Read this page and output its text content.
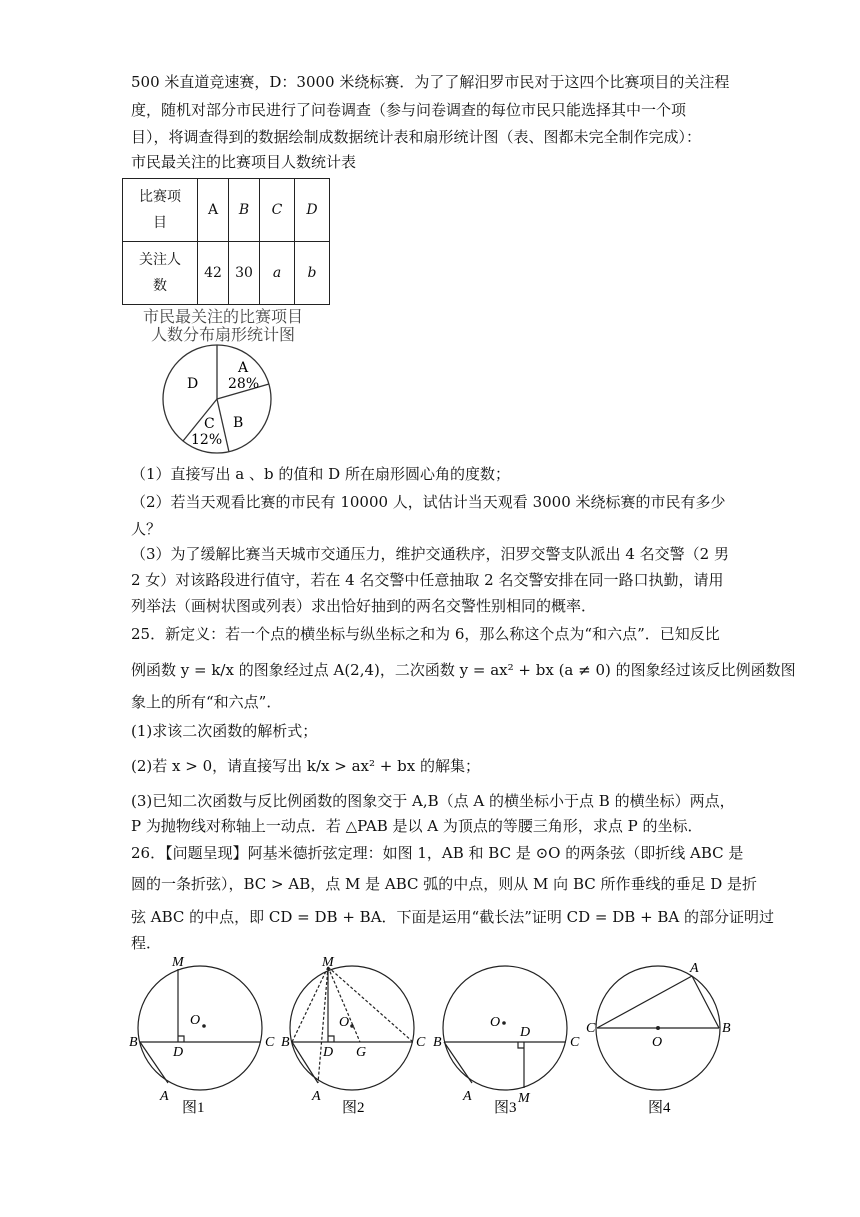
500 米直道竞速赛，D：3000 米绕标赛．为了了解汨罗市民对于这四个比赛项目的关注程
度，随机对部分市民进行了问卷调查（参与问卷调查的每位市民只能选择其中一个项
目），将调查得到的数据绘制成数据统计表和扇形统计图（表、图都未完全制作完成）：
市民最关注的比赛项目人数统计表
比赛项目	A	B	C	D
关注人数	42	30	a	b
市民最关注的比赛项目
人数分布扇形统计图
D
A
28%
B
C
12%
（1）直接写出 a 、b 的值和 D 所在扇形圆心角的度数；
（2）若当天观看比赛的市民有 10000 人，试估计当天观看 3000 米绕标赛的市民有多少
人？
（3）为了缓解比赛当天城市交通压力，维护交通秩序，汨罗交警支队派出 4 名交警（2 男
2 女）对该路段进行值守，若在 4 名交警中任意抽取 2 名交警安排在同一路口执勤，请用
列举法（画树状图或列表）求出恰好抽到的两名交警性别相同的概率．
25．新定义：若一个点的横坐标与纵坐标之和为 6，那么称这个点为“和六点”．已知反比
例函数 y = k/x 的图象经过点 A(2,4)，二次函数 y = ax² + bx (a ≠ 0) 的图象经过该反比例函数图
象上的所有“和六点”．
(1)求该二次函数的解析式；
(2)若 x > 0，请直接写出 k/x > ax² + bx 的解集；
(3)已知二次函数与反比例函数的图象交于 A,B（点 A 的横坐标小于点 B 的横坐标）两点，
P 为抛物线对称轴上一动点．若 △PAB 是以 A 为顶点的等腰三角形，求点 P 的坐标．
26．【问题呈现】阿基米德折弦定理：如图 1，AB 和 BC 是 ⊙O 的两条弦（即折线 ABC 是
圆的一条折弦），BC > AB，点 M 是 ABC 弧的中点，则从 M 向 BC 所作垂线的垂足 D 是折
弦 ABC 的中点，即 CD = DB + BA．下面是运用“截长法”证明 CD = DB + BA 的部分证明过
程．
M
O
B
D
C
A
图1
M
O
B
D G
C
A
图2
O
D
B	C
A	M
图3
A
C
O
B
图4
